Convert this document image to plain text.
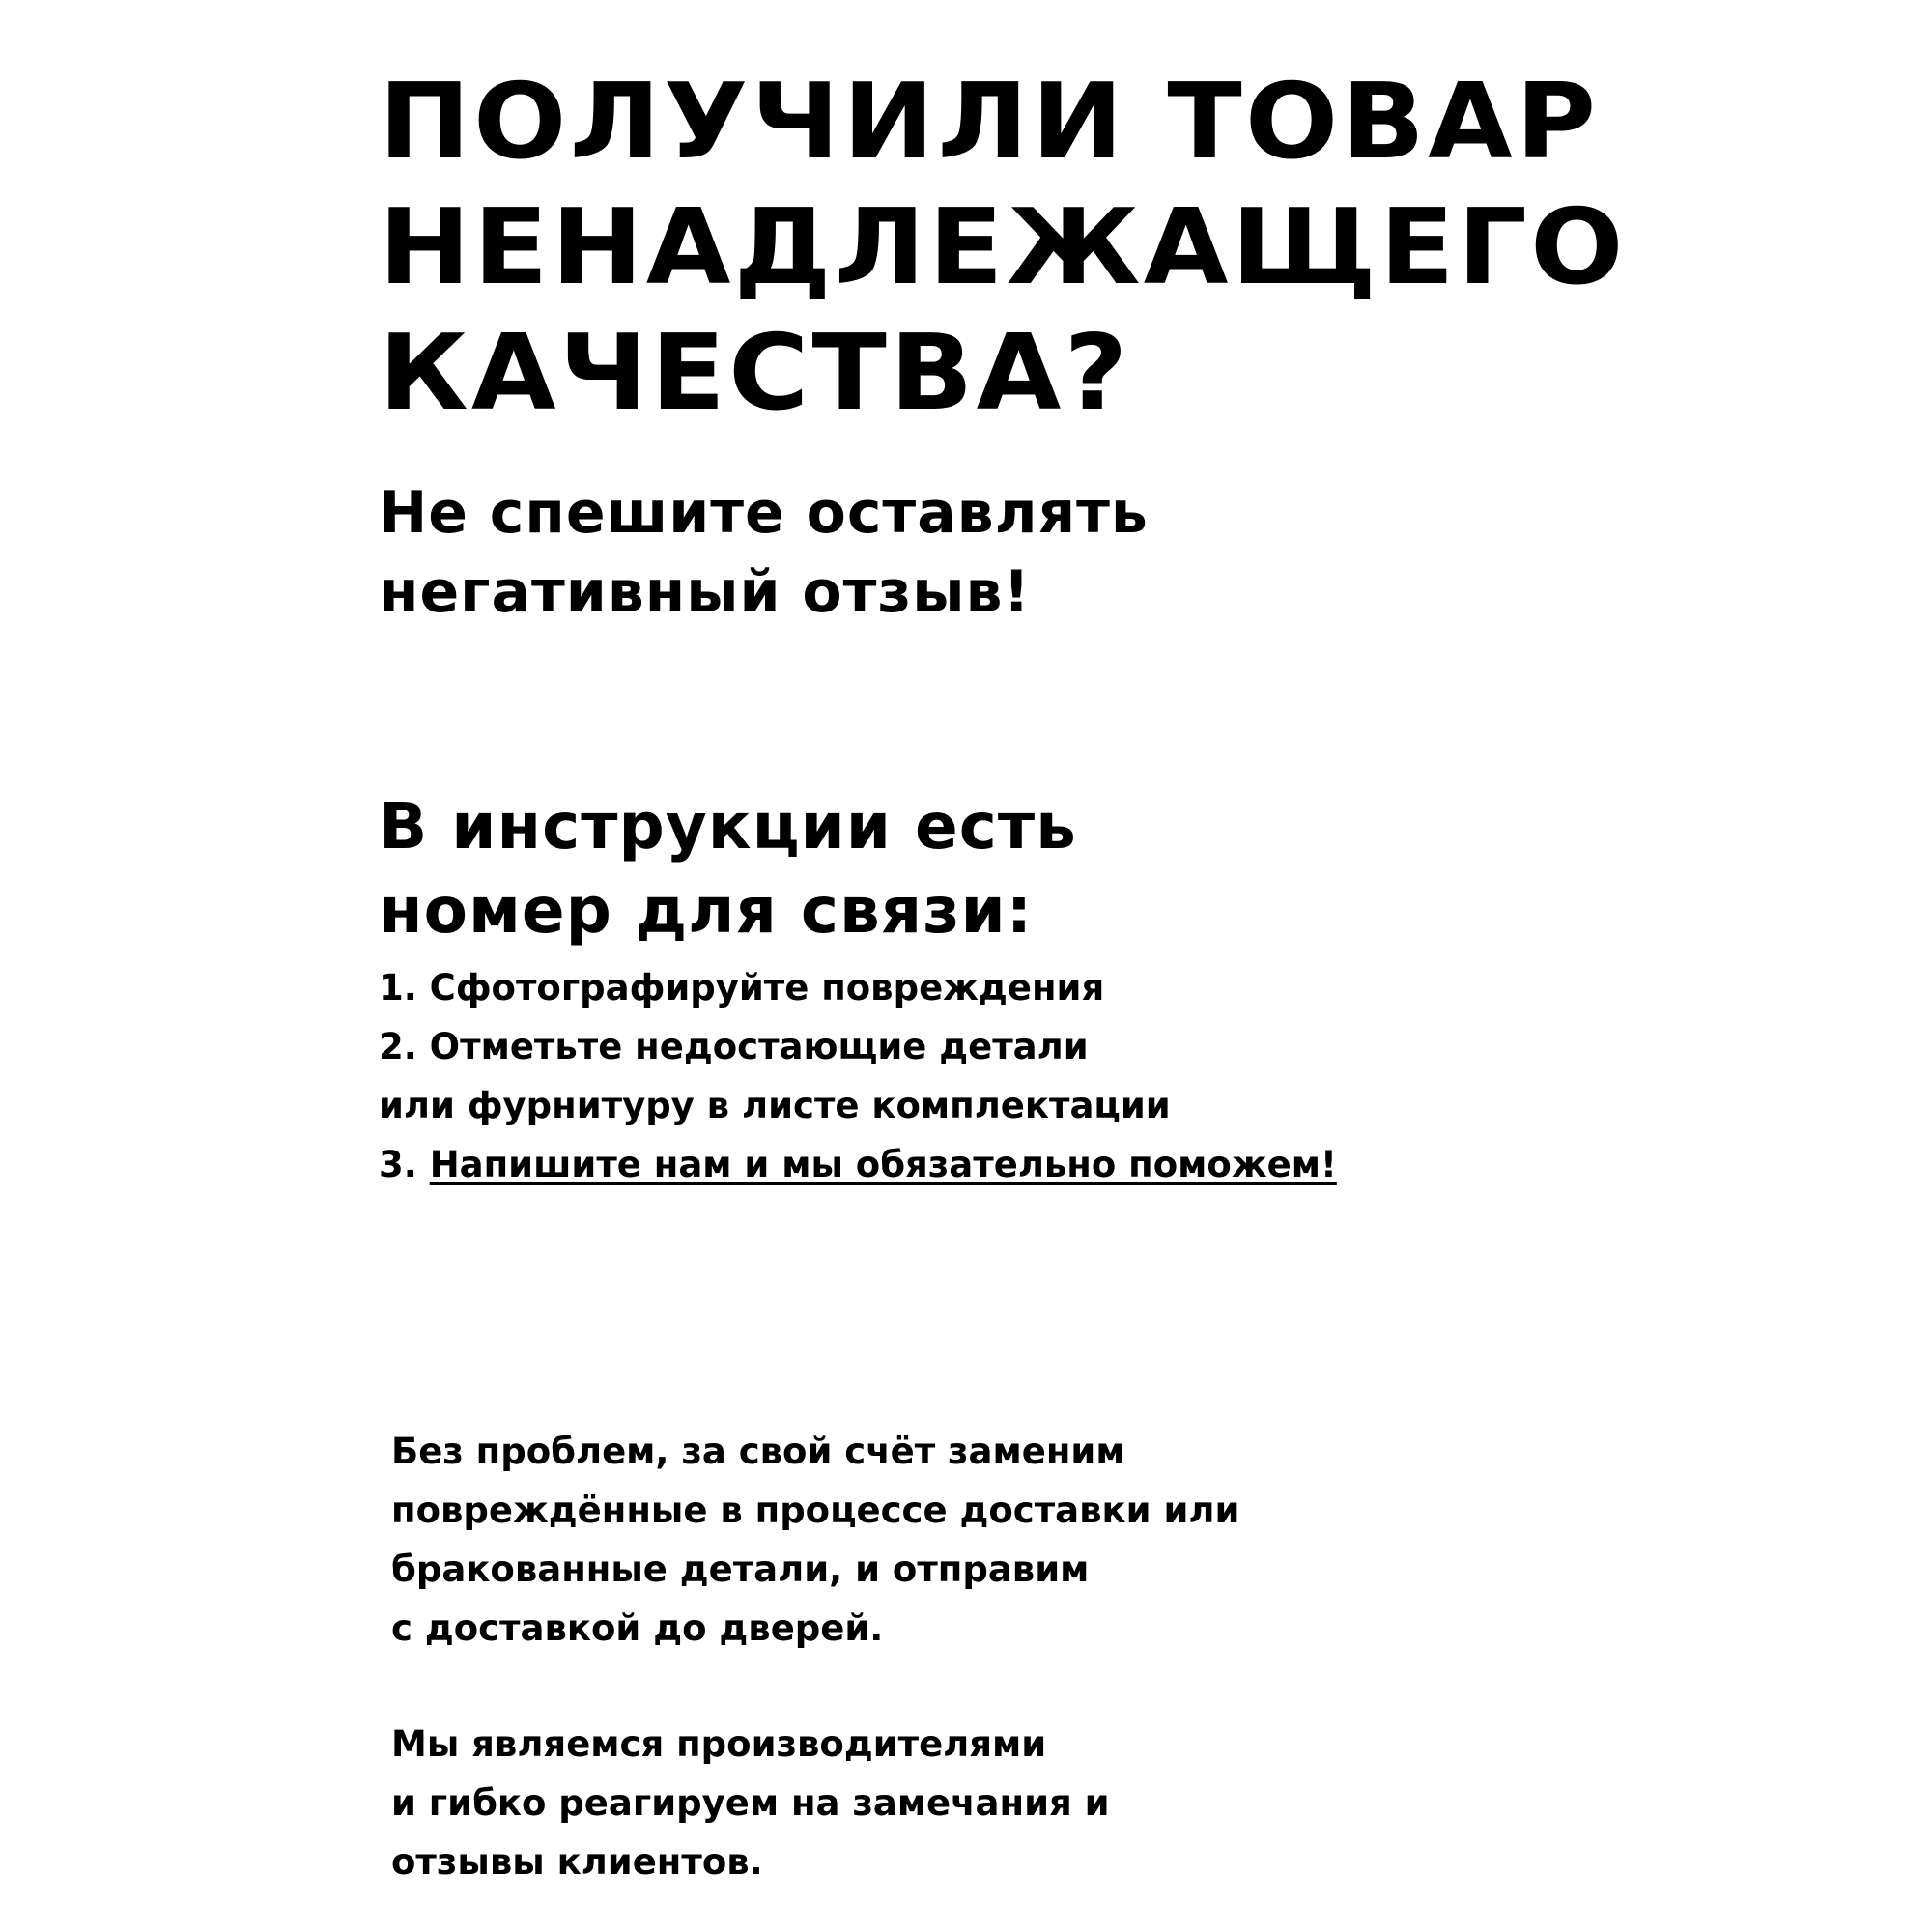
ПОЛУЧИЛИ ТОВАР
НЕНАДЛЕЖАЩЕГО
КАЧЕСТВА?
Не спешите оставлять
негативный отзыв!
В инструкции есть
номер для связи:
1. Сфотографируйте повреждения
2. Отметьте недостающие детали
или фурнитуру в листе комплектации
3. Напишите нам и мы обязательно поможем!

Без проблем, за свой счёт заменим
повреждённые в процессе доставки или
бракованные детали, и отправим
с доставкой до дверей.

Мы являемся производителями
и гибко реагируем на замечания и
отзывы клиентов.
